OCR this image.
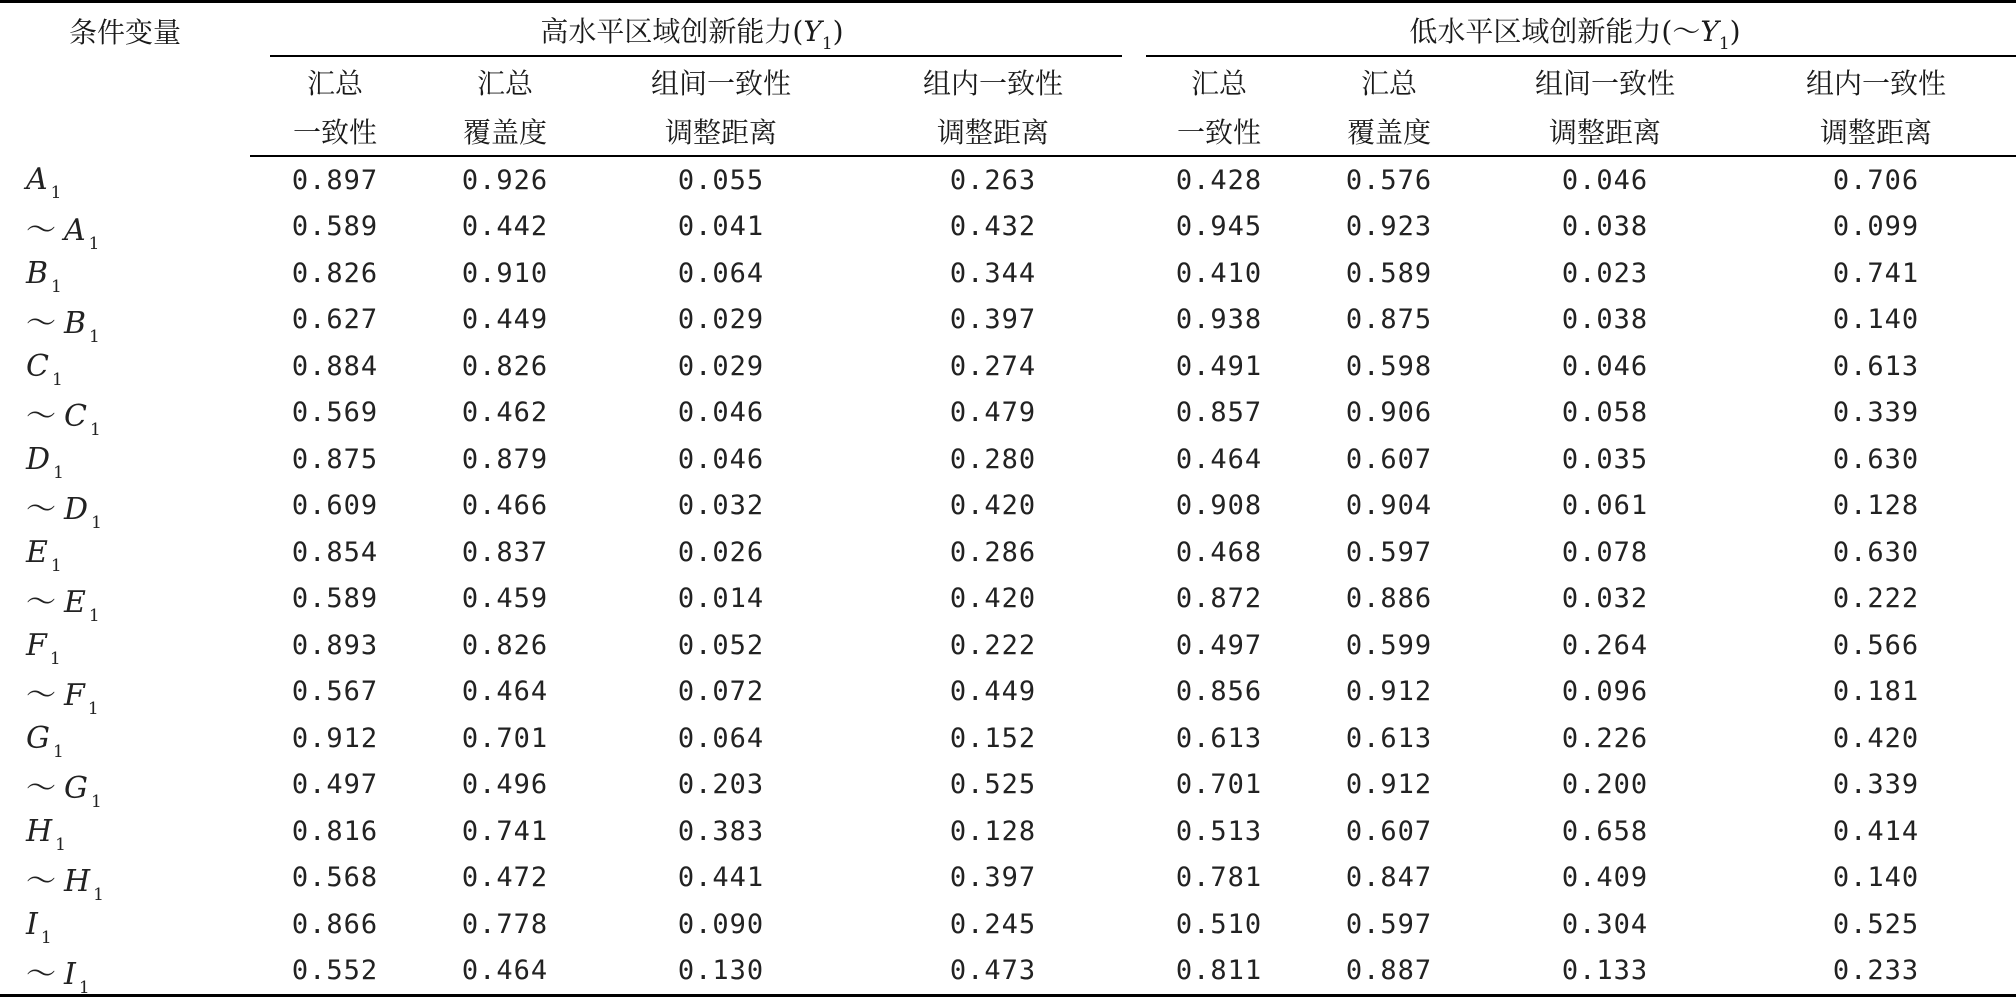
条件变量	高水平区域创新能力$(Y_1)$				低水平区域创新能力$(\sim Y_1)$			
	汇总	汇总	组间一致性	组内一致性	汇总	汇总	组间一致性	组内一致性
	一致性	覆盖度	调整距离	调整距离	一致性	覆盖度	调整距离	调整距离
A $_1$	0.897	0.926	0.055	0.263	0.428	0.576	0.046	0.706
～ A $_1$	0.589	0.442	0.041	0.432	0.945	0.923	0.038	0.099
B $_1$	0.826	0.910	0.064	0.344	0.410	0.589	0.023	0.741
～ B $_1$	0.627	0.449	0.029	0.397	0.938	0.875	0.038	0.140
C $_1$	0.884	0.826	0.029	0.274	0.491	0.598	0.046	0.613
～ C $_1$	0.569	0.462	0.046	0.479	0.857	0.906	0.058	0.339
D $_1$	0.875	0.879	0.046	0.280	0.464	0.607	0.035	0.630
～ D $_1$	0.609	0.466	0.032	0.420	0.908	0.904	0.061	0.128
E $_1$	0.854	0.837	0.026	0.286	0.468	0.597	0.078	0.630
～ E $_1$	0.589	0.459	0.014	0.420	0.872	0.886	0.032	0.222
F $_1$	0.893	0.826	0.052	0.222	0.497	0.599	0.264	0.566
～ F $_1$	0.567	0.464	0.072	0.449	0.856	0.912	0.096	0.181
G $_1$	0.912	0.701	0.064	0.152	0.613	0.613	0.226	0.420
～ G $_1$	0.497	0.496	0.203	0.525	0.701	0.912	0.200	0.339
H $_1$	0.816	0.741	0.383	0.128	0.513	0.607	0.658	0.414
～ H $_1$	0.568	0.472	0.441	0.397	0.781	0.847	0.409	0.140
I $_1$	0.866	0.778	0.090	0.245	0.510	0.597	0.304	0.525
～ I $_1$	0.552	0.464	0.130	0.473	0.811	0.887	0.133	0.233
